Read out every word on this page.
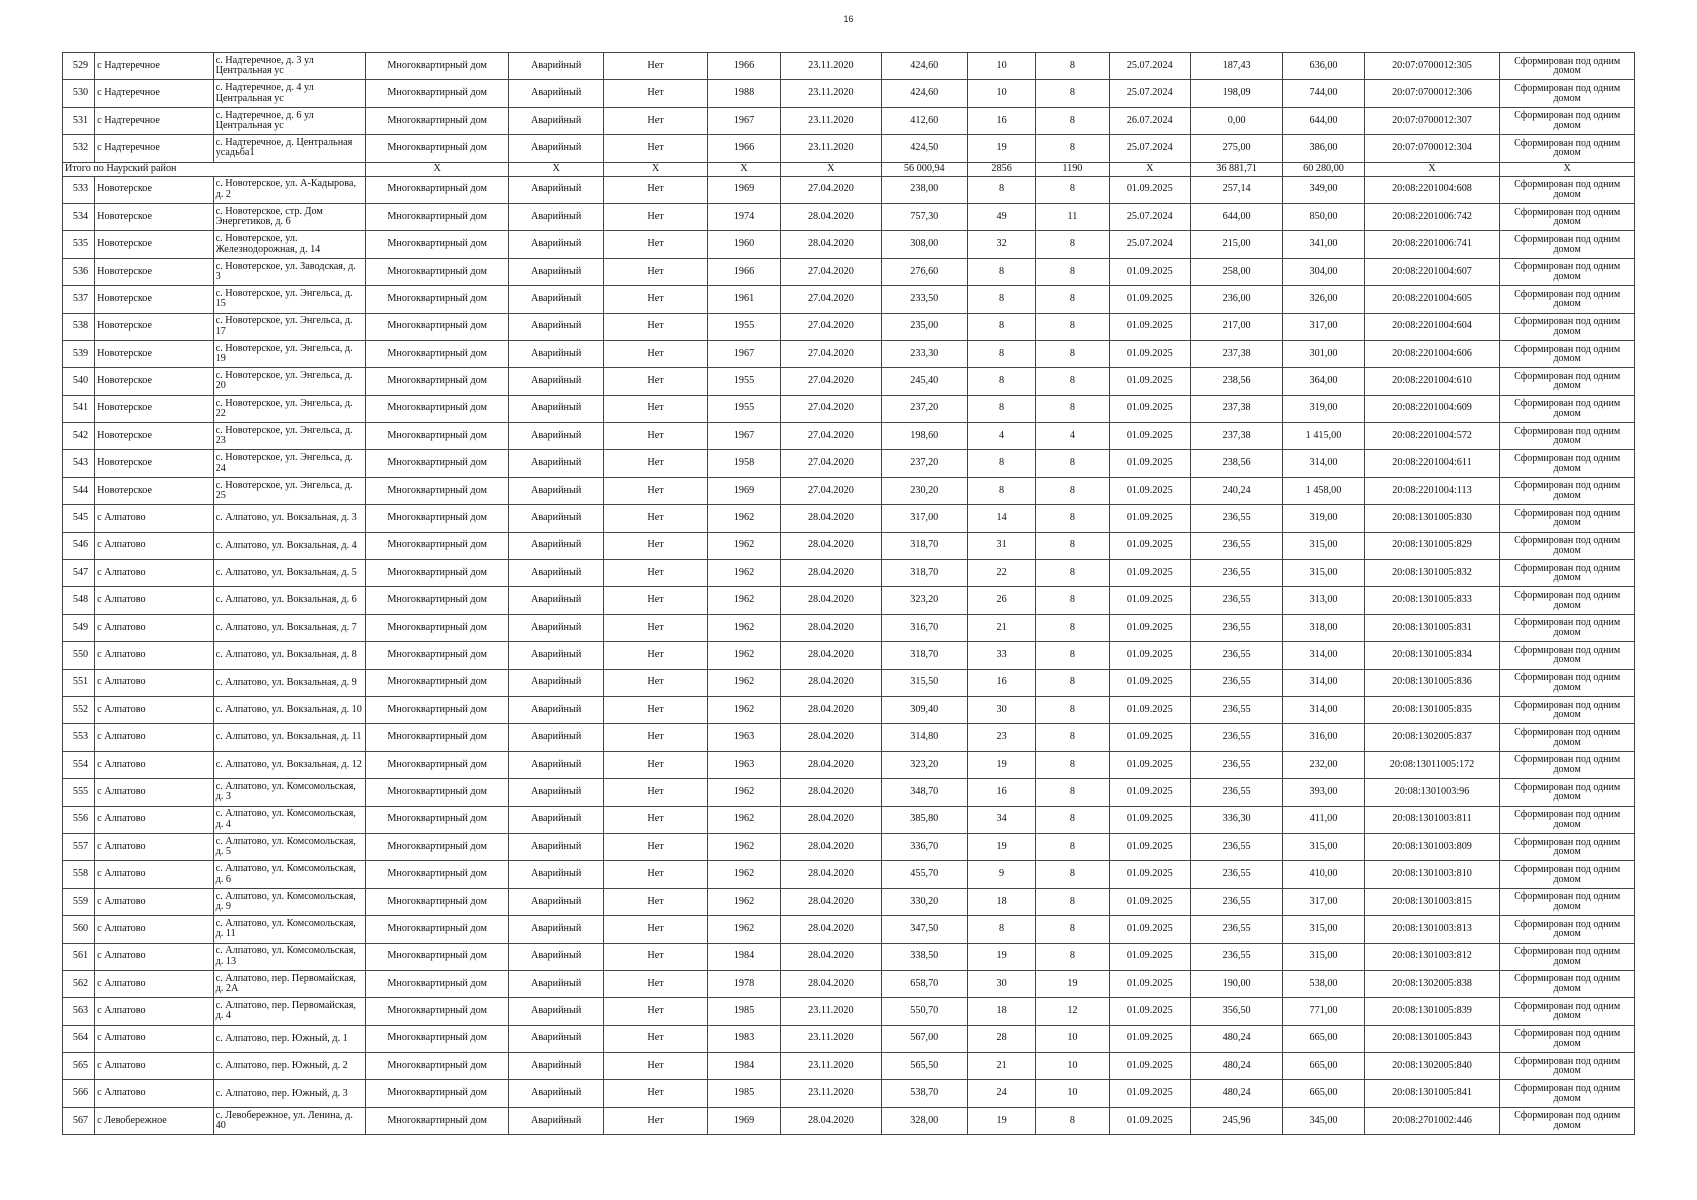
16
529	с Надтеречное	с. Надтеречное, д. 3 ул Центральная ус	Многоквартирный дом	Аварийный	Нет	1966	23.11.2020	424,60	10	8	25.07.2024	187,43	636,00	20:07:0700012:305	Сформирован под одним домом
530	с Надтеречное	с. Надтеречное, д. 4 ул Центральная ус	Многоквартирный дом	Аварийный	Нет	1988	23.11.2020	424,60	10	8	25.07.2024	198,09	744,00	20:07:0700012:306	Сформирован под одним домом
531	с Надтеречное	с. Надтеречное, д. 6 ул Центральная ус	Многоквартирный дом	Аварийный	Нет	1967	23.11.2020	412,60	16	8	26.07.2024	0,00	644,00	20:07:0700012:307	Сформирован под одним домом
532	с Надтеречное	с. Надтеречное, д. Центральная усадьба1	Многоквартирный дом	Аварийный	Нет	1966	23.11.2020	424,50	19	8	25.07.2024	275,00	386,00	20:07:0700012:304	Сформирован под одним домом
Итого по Наурский район			X	X	X	X	X	56 000,94	2856	1190	X	36 881,71	60 280,00	X	X
533	Новотерское	с. Новотерское, ул. А-Кадырова, д. 2	Многоквартирный дом	Аварийный	Нет	1969	27.04.2020	238,00	8	8	01.09.2025	257,14	349,00	20:08:2201004:608	Сформирован под одним домом
534	Новотерское	с. Новотерское, стр. Дом Энергетиков, д. 6	Многоквартирный дом	Аварийный	Нет	1974	28.04.2020	757,30	49	11	25.07.2024	644,00	850,00	20:08:2201006:742	Сформирован под одним домом
535	Новотерское	с. Новотерское, ул. Железнодорожная, д. 14	Многоквартирный дом	Аварийный	Нет	1960	28.04.2020	308,00	32	8	25.07.2024	215,00	341,00	20:08:2201006:741	Сформирован под одним домом
536	Новотерское	с. Новотерское, ул. Заводская, д. 3	Многоквартирный дом	Аварийный	Нет	1966	27.04.2020	276,60	8	8	01.09.2025	258,00	304,00	20:08:2201004:607	Сформирован под одним домом
537	Новотерское	с. Новотерское, ул. Энгельса, д. 15	Многоквартирный дом	Аварийный	Нет	1961	27.04.2020	233,50	8	8	01.09.2025	236,00	326,00	20:08:2201004:605	Сформирован под одним домом
538	Новотерское	с. Новотерское, ул. Энгельса, д. 17	Многоквартирный дом	Аварийный	Нет	1955	27.04.2020	235,00	8	8	01.09.2025	217,00	317,00	20:08:2201004:604	Сформирован под одним домом
539	Новотерское	с. Новотерское, ул. Энгельса, д. 19	Многоквартирный дом	Аварийный	Нет	1967	27.04.2020	233,30	8	8	01.09.2025	237,38	301,00	20:08:2201004:606	Сформирован под одним домом
540	Новотерское	с. Новотерское, ул. Энгельса, д. 20	Многоквартирный дом	Аварийный	Нет	1955	27.04.2020	245,40	8	8	01.09.2025	238,56	364,00	20:08:2201004:610	Сформирован под одним домом
541	Новотерское	с. Новотерское, ул. Энгельса, д. 22	Многоквартирный дом	Аварийный	Нет	1955	27.04.2020	237,20	8	8	01.09.2025	237,38	319,00	20:08:2201004:609	Сформирован под одним домом
542	Новотерское	с. Новотерское, ул. Энгельса, д. 23	Многоквартирный дом	Аварийный	Нет	1967	27.04.2020	198,60	4	4	01.09.2025	237,38	1 415,00	20:08:2201004:572	Сформирован под одним домом
543	Новотерское	с. Новотерское, ул. Энгельса, д. 24	Многоквартирный дом	Аварийный	Нет	1958	27.04.2020	237,20	8	8	01.09.2025	238,56	314,00	20:08:2201004:611	Сформирован под одним домом
544	Новотерское	с. Новотерское, ул. Энгельса, д. 25	Многоквартирный дом	Аварийный	Нет	1969	27.04.2020	230,20	8	8	01.09.2025	240,24	1 458,00	20:08:2201004:113	Сформирован под одним домом
545	с Алпатово	с. Алпатово, ул. Вокзальная, д. 3	Многоквартирный дом	Аварийный	Нет	1962	28.04.2020	317,00	14	8	01.09.2025	236,55	319,00	20:08:1301005:830	Сформирован под одним домом
546	с Алпатово	с. Алпатово, ул. Вокзальная, д. 4	Многоквартирный дом	Аварийный	Нет	1962	28.04.2020	318,70	31	8	01.09.2025	236,55	315,00	20:08:1301005:829	Сформирован под одним домом
547	с Алпатово	с. Алпатово, ул. Вокзальная, д. 5	Многоквартирный дом	Аварийный	Нет	1962	28.04.2020	318,70	22	8	01.09.2025	236,55	315,00	20:08:1301005:832	Сформирован под одним домом
548	с Алпатово	с. Алпатово, ул. Вокзальная, д. 6	Многоквартирный дом	Аварийный	Нет	1962	28.04.2020	323,20	26	8	01.09.2025	236,55	313,00	20:08:1301005:833	Сформирован под одним домом
549	с Алпатово	с. Алпатово, ул. Вокзальная, д. 7	Многоквартирный дом	Аварийный	Нет	1962	28.04.2020	316,70	21	8	01.09.2025	236,55	318,00	20:08:1301005:831	Сформирован под одним домом
550	с Алпатово	с. Алпатово, ул. Вокзальная, д. 8	Многоквартирный дом	Аварийный	Нет	1962	28.04.2020	318,70	33	8	01.09.2025	236,55	314,00	20:08:1301005:834	Сформирован под одним домом
551	с Алпатово	с. Алпатово, ул. Вокзальная, д. 9	Многоквартирный дом	Аварийный	Нет	1962	28.04.2020	315,50	16	8	01.09.2025	236,55	314,00	20:08:1301005:836	Сформирован под одним домом
552	с Алпатово	с. Алпатово, ул. Вокзальная, д. 10	Многоквартирный дом	Аварийный	Нет	1962	28.04.2020	309,40	30	8	01.09.2025	236,55	314,00	20:08:1301005:835	Сформирован под одним домом
553	с Алпатово	с. Алпатово, ул. Вокзальная, д. 11	Многоквартирный дом	Аварийный	Нет	1963	28.04.2020	314,80	23	8	01.09.2025	236,55	316,00	20:08:1302005:837	Сформирован под одним домом
554	с Алпатово	с. Алпатово, ул. Вокзальная, д. 12	Многоквартирный дом	Аварийный	Нет	1963	28.04.2020	323,20	19	8	01.09.2025	236,55	232,00	20:08:13011005:172	Сформирован под одним домом
555	с Алпатово	с. Алпатово, ул. Комсомольская, д. 3	Многоквартирный дом	Аварийный	Нет	1962	28.04.2020	348,70	16	8	01.09.2025	236,55	393,00	20:08:1301003:96	Сформирован под одним домом
556	с Алпатово	с. Алпатово, ул. Комсомольская, д. 4	Многоквартирный дом	Аварийный	Нет	1962	28.04.2020	385,80	34	8	01.09.2025	336,30	411,00	20:08:1301003:811	Сформирован под одним домом
557	с Алпатово	с. Алпатово, ул. Комсомольская, д. 5	Многоквартирный дом	Аварийный	Нет	1962	28.04.2020	336,70	19	8	01.09.2025	236,55	315,00	20:08:1301003:809	Сформирован под одним домом
558	с Алпатово	с. Алпатово, ул. Комсомольская, д. 6	Многоквартирный дом	Аварийный	Нет	1962	28.04.2020	455,70	9	8	01.09.2025	236,55	410,00	20:08:1301003:810	Сформирован под одним домом
559	с Алпатово	с. Алпатово, ул. Комсомольская, д. 9	Многоквартирный дом	Аварийный	Нет	1962	28.04.2020	330,20	18	8	01.09.2025	236,55	317,00	20:08:1301003:815	Сформирован под одним домом
560	с Алпатово	с. Алпатово, ул. Комсомольская, д. 11	Многоквартирный дом	Аварийный	Нет	1962	28.04.2020	347,50	8	8	01.09.2025	236,55	315,00	20:08:1301003:813	Сформирован под одним домом
561	с Алпатово	с. Алпатово, ул. Комсомольская, д. 13	Многоквартирный дом	Аварийный	Нет	1984	28.04.2020	338,50	19	8	01.09.2025	236,55	315,00	20:08:1301003:812	Сформирован под одним домом
562	с Алпатово	с. Алпатово, пер. Первомайская, д. 2А	Многоквартирный дом	Аварийный	Нет	1978	28.04.2020	658,70	30	19	01.09.2025	190,00	538,00	20:08:1302005:838	Сформирован под одним домом
563	с Алпатово	с. Алпатово, пер. Первомайская, д. 4	Многоквартирный дом	Аварийный	Нет	1985	23.11.2020	550,70	18	12	01.09.2025	356,50	771,00	20:08:1301005:839	Сформирован под одним домом
564	с Алпатово	с. Алпатово, пер. Южный, д. 1	Многоквартирный дом	Аварийный	Нет	1983	23.11.2020	567,00	28	10	01.09.2025	480,24	665,00	20:08:1301005:843	Сформирован под одним домом
565	с Алпатово	с. Алпатово, пер. Южный, д. 2	Многоквартирный дом	Аварийный	Нет	1984	23.11.2020	565,50	21	10	01.09.2025	480,24	665,00	20:08:1302005:840	Сформирован под одним домом
566	с Алпатово	с. Алпатово, пер. Южный, д. 3	Многоквартирный дом	Аварийный	Нет	1985	23.11.2020	538,70	24	10	01.09.2025	480,24	665,00	20:08:1301005:841	Сформирован под одним домом
567	с Левобережное	с. Левобережное, ул. Ленина, д. 40	Многоквартирный дом	Аварийный	Нет	1969	28.04.2020	328,00	19	8	01.09.2025	245,96	345,00	20:08:2701002:446	Сформирован под одним домом
